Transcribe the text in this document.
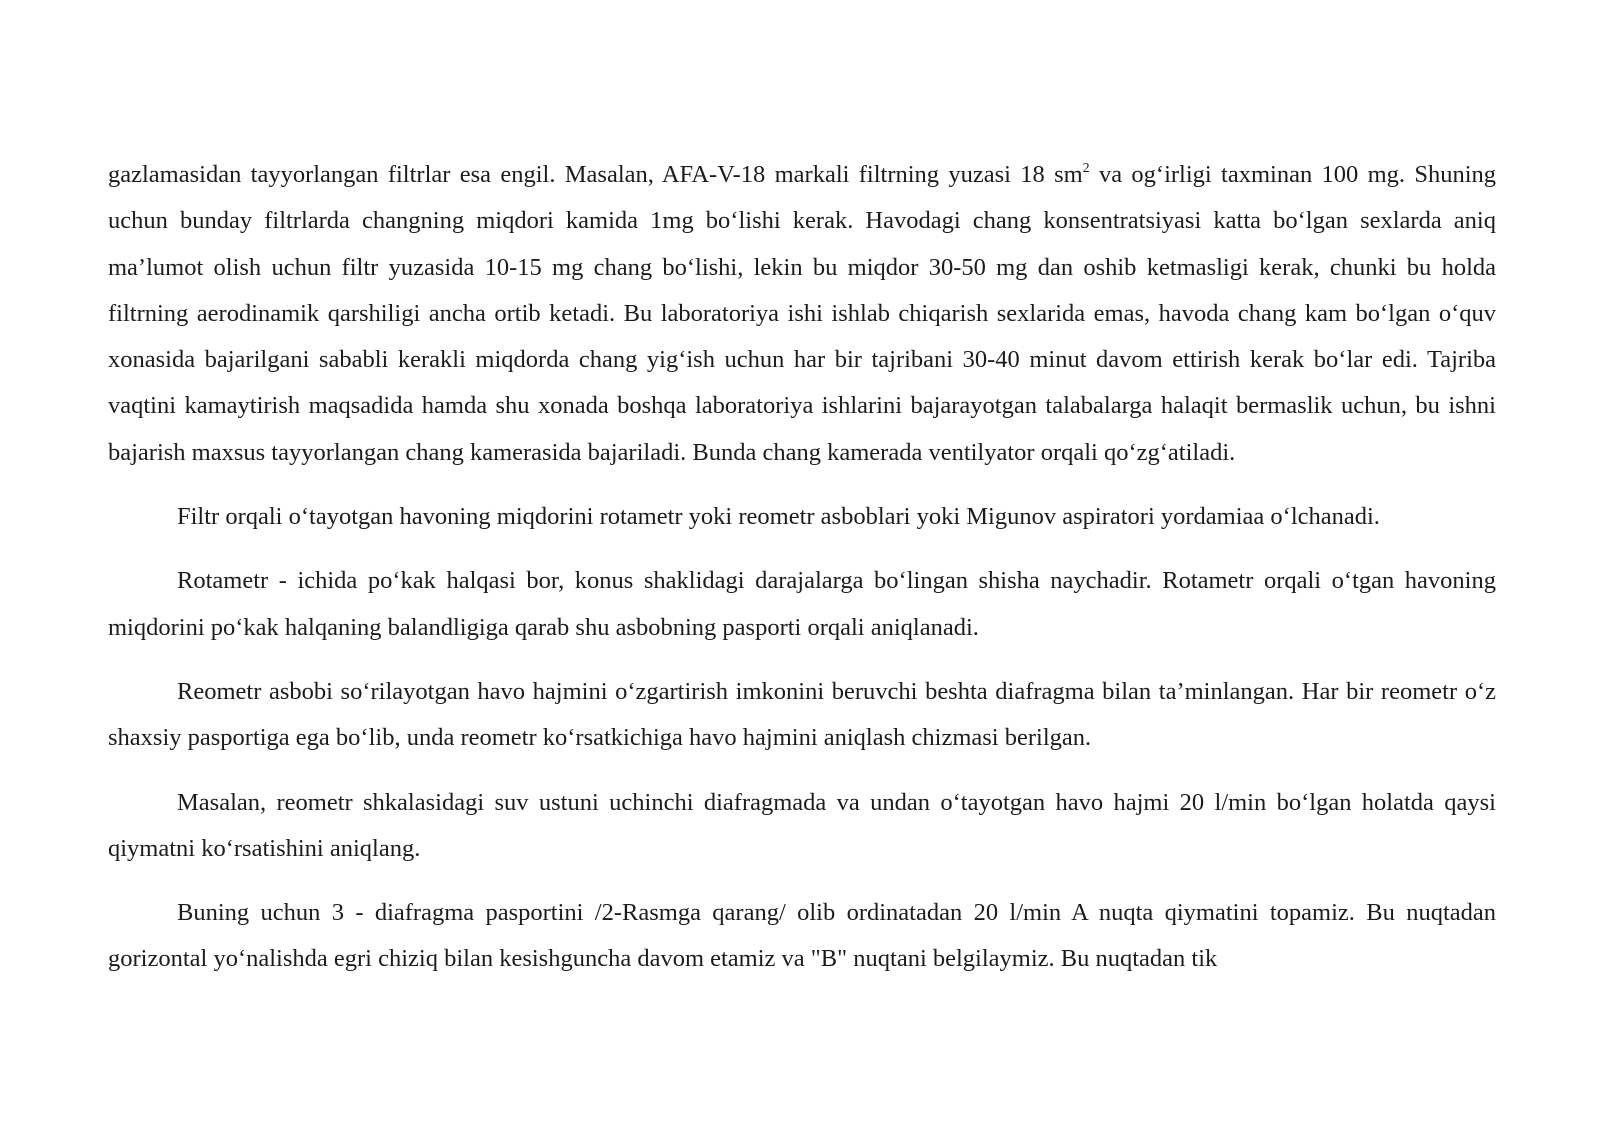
gazlamasidan tayyorlangan filtrlar esa engil. Masalan, AFA-V-18 markali filtrning yuzasi 18 $sm^2$ va og‘irligi taxminan 100 mg. Shuning uchun bunday filtrlarda changning miqdori kamida 1mg bo‘lishi kerak. Havodagi chang konsentratsiyasi katta bo‘lgan sexlarda aniq ma’lumot olish uchun filtr yuzasida 10-15 mg chang bo‘lishi, lekin bu miqdor 30-50 mg dan oshib ketmasligi kerak, chunki bu holda filtrning aerodinamik qarshiligi ancha ortib ketadi. Bu laboratoriya ishi ishlab chiqarish sexlarida emas, havoda chang kam bo‘lgan o‘quv xonasida bajarilgani sababli kerakli miqdorda chang yig‘ish uchun har bir tajribani 30-40 minut davom ettirish kerak bo‘lar edi. Tajriba vaqtini kamaytirish maqsadida hamda shu xonada boshqa laboratoriya ishlarini bajarayotgan talabalarga halaqit bermaslik uchun, bu ishni bajarish maxsus tayyorlangan chang kamerasida bajariladi. Bunda chang kamerada ventilyator orqali qo‘zg‘atiladi.

Filtr orqali o‘tayotgan havoning miqdorini rotametr yoki reometr asboblari yoki Migunov aspiratori yordamiaa o‘lchanadi.

Rotametr - ichida po‘kak halqasi bor, konus shaklidagi darajalarga bo‘lingan shisha naychadir. Rotametr orqali o‘tgan havoning miqdorini po‘kak halqaning balandligiga qarab shu asbobning pasporti orqali aniqlanadi.

Reometr asbobi so‘rilayotgan havo hajmini o‘zgartirish imkonini beruvchi beshta diafragma bilan ta’minlangan. Har bir reometr o‘z shaxsiy pasportiga ega bo‘lib, unda reometr ko‘rsatkichiga havo hajmini aniqlash chizmasi berilgan.

Masalan, reometr shkalasidagi suv ustuni uchinchi diafragmada va undan o‘tayotgan havo hajmi 20 l/min bo‘lgan holatda qaysi qiymatni ko‘rsatishini aniqlang.

Buning uchun 3 - diafragma pasportini /2-Rasmga qarang/ olib ordinatadan 20 l/min A nuqta qiymatini topamiz. Bu nuqtadan gorizontal yo‘nalishda egri chiziq bilan kesishguncha davom etamiz va "B" nuqtani belgilaymiz. Bu nuqtadan tik
